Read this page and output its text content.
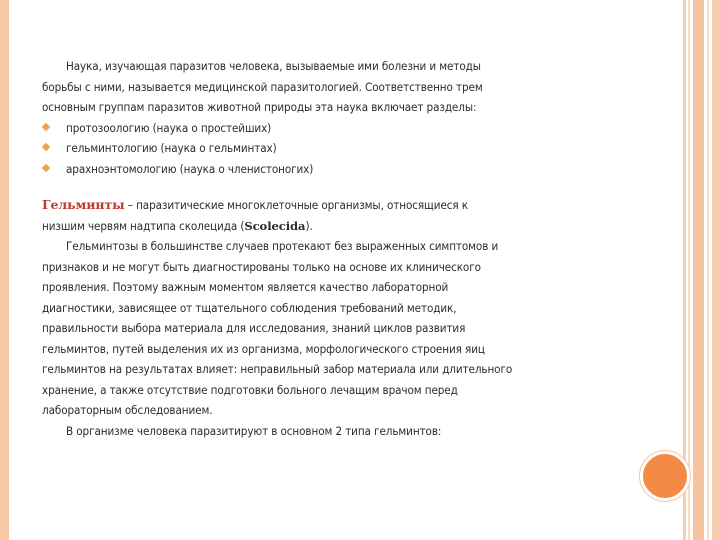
Наука, изучающая паразитов человека, вызываемые ими болезни и методы
борьбы с ними, называется медицинской паразитологией. Соответственно трем
основным группам паразитов животной природы эта наука включает разделы:
протозоологию (наука о простейших)
гельминтологию (наука о гельминтах)
арахноэнтомологию (наука о членистоногих)
Гельминты – паразитические многоклеточные организмы, относящиеся к
низшим червям надтипа сколецида (Scolecida).
Гельминтозы в большинстве случаев протекают без выраженных симптомов и
признаков и не могут быть диагностированы только на основе их клинического
проявления. Поэтому важным моментом является качество лабораторной
диагностики, зависящее от тщательного соблюдения требований методик,
правильности выбора материала для исследования, знаний циклов развития
гельминтов, путей выделения их из организма, морфологического строения яиц
гельминтов на результатах влияет: неправильный забор материала или длительного
хранение, а также отсутствие подготовки больного лечащим врачом перед
лабораторным обследованием.
В организме человека паразитируют в основном 2 типа гельминтов:
